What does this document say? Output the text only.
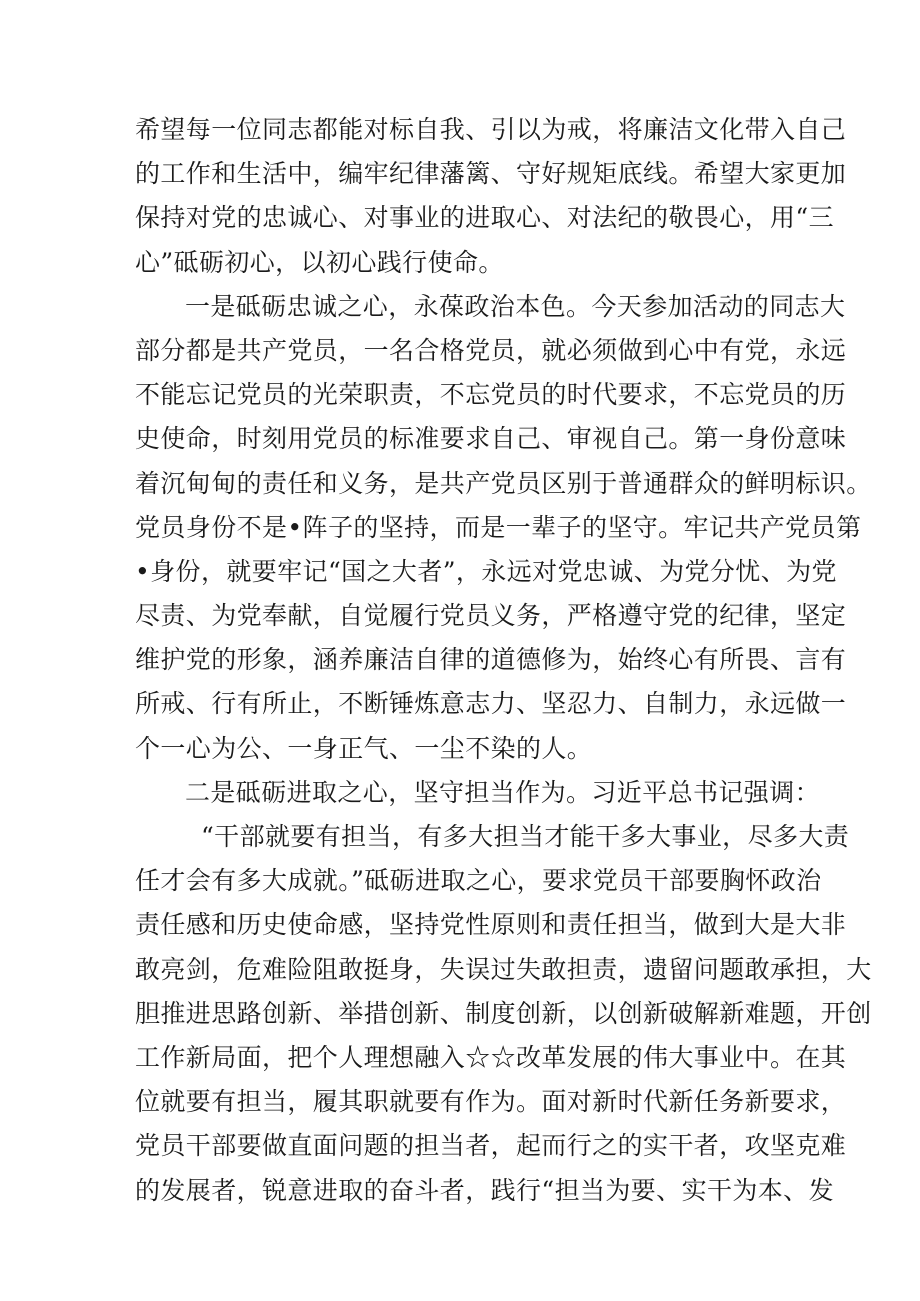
希望每一位同志都能对标自我、引以为戒，将廉洁文化带入自己
的工作和生活中，编牢纪律藩篱、守好规矩底线。希望大家更加
保持对党的忠诚心、对事业的进取心、对法纪的敬畏心，用“三
心”砥砺初心，以初心践行使命。
一是砥砺忠诚之心，永葆政治本色。今天参加活动的同志大
部分都是共产党员，一名合格党员，就必须做到心中有党，永远
不能忘记党员的光荣职责，不忘党员的时代要求，不忘党员的历
史使命，时刻用党员的标准要求自己、审视自己。第一身份意味
着沉甸甸的责任和义务，是共产党员区别于普通群众的鲜明标识。
党员身份不是•阵子的坚持，而是一辈子的坚守。牢记共产党员第
•身份，就要牢记“国之大者”，永远对党忠诚、为党分忧、为党
尽责、为党奉献，自觉履行党员义务，严格遵守党的纪律，坚定
维护党的形象，涵养廉洁自律的道德修为，始终心有所畏、言有
所戒、行有所止，不断锤炼意志力、坚忍力、自制力，永远做一
个一心为公、一身正气、一尘不染的人。
二是砥砺进取之心，坚守担当作为。习近平总书记强调：
“干部就要有担当，有多大担当才能干多大事业，尽多大责
任才会有多大成就。”砥砺进取之心，要求党员干部要胸怀政治
责任感和历史使命感，坚持党性原则和责任担当，做到大是大非
敢亮剑，危难险阻敢挺身，失误过失敢担责，遗留问题敢承担，大
胆推进思路创新、举措创新、制度创新，以创新破解新难题，开创
工作新局面，把个人理想融入☆☆改革发展的伟大事业中。在其
位就要有担当，履其职就要有作为。面对新时代新任务新要求，
党员干部要做直面问题的担当者，起而行之的实干者，攻坚克难
的发展者，锐意进取的奋斗者，践行“担当为要、实干为本、发
